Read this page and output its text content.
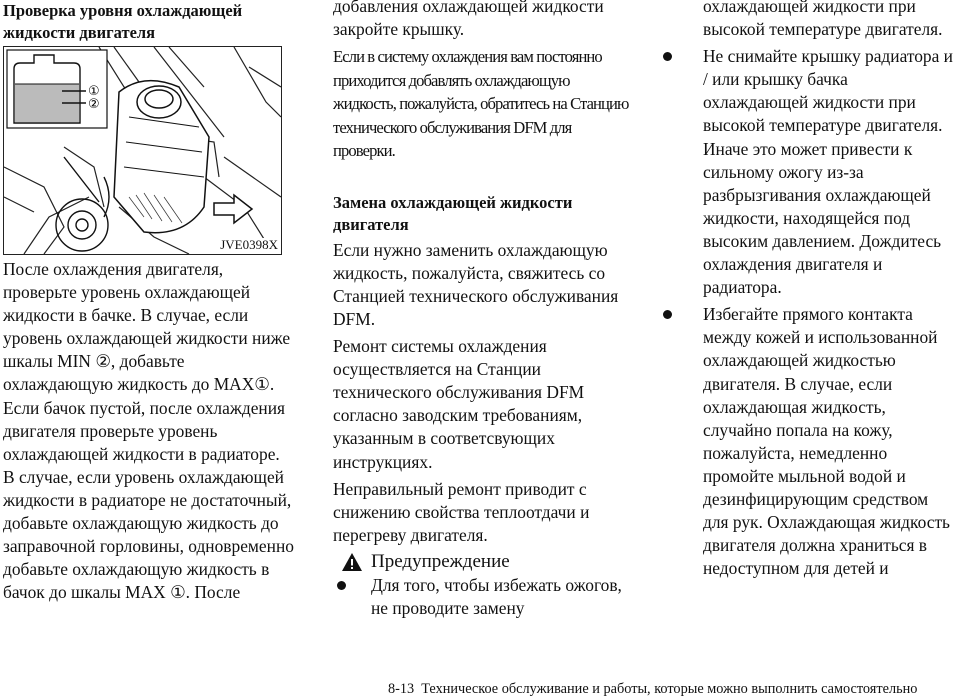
Проверка уровня охлаждающей жидкости двигателя

①
②
JVE0398X

После охлаждения двигателя, проверьте уровень охлаждающей жидкости в бачке. В случае, если уровень охлаждающей жидкости ниже шкалы MIN ②, добавьте охлаждающую жидкость до MAX①. Если бачок пустой, после охлаждения двигателя проверьте уровень охлаждающей жидкости в радиаторе. В случае, если уровень охлаждающей жидкости в радиаторе не достаточный, добавьте охлаждающую жидкость до заправочной горловины, одновременно добавьте охлаждающую жидкость в бачок до шкалы MAX ①. После

добавления охлаждающей жидкости закройте крышку.

Если в систему охлаждения вам постоянно приходится добавлять охлаждающую жидкость, пожалуйста, обратитесь на Станцию технического обслуживания DFM для проверки.

Замена охлаждающей жидкости двигателя

Если нужно заменить охлаждающую жидкость, пожалуйста, свяжитесь со Станцией технического обслуживания DFM.

Ремонт системы охлаждения осуществляется на Станции технического обслуживания DFM согласно заводским требованиям, указанным в соответсвующих инструкциях.

Неправильный ремонт приводит с снижению свойства теплоотдачи и перегреву двигателя.

Предупреждение

Для того, чтобы избежать ожогов, не проводите замену

охлаждающей жидкости при высокой температуре двигателя.

Не снимайте крышку радиатора и / или крышку бачка охлаждающей жидкости при высокой температуре двигателя. Иначе это может привести к сильному ожогу из-за разбрызгивания охлаждающей жидкости, находящейся под высоким давлением. Дождитесь охлаждения двигателя и радиатора.

Избегайте прямого контакта между кожей и использованной охлаждающей жидкостью двигателя. В случае, если охлаждающая жидкость, случайно попала на кожу, пожалуйста, немедленно промойте мыльной водой и дезинфицирующим средством для рук. Охлаждающая жидкость двигателя должна храниться в недоступном для детей и

8-13 Техническое обслуживание и работы, которые можно выполнить самостоятельно
